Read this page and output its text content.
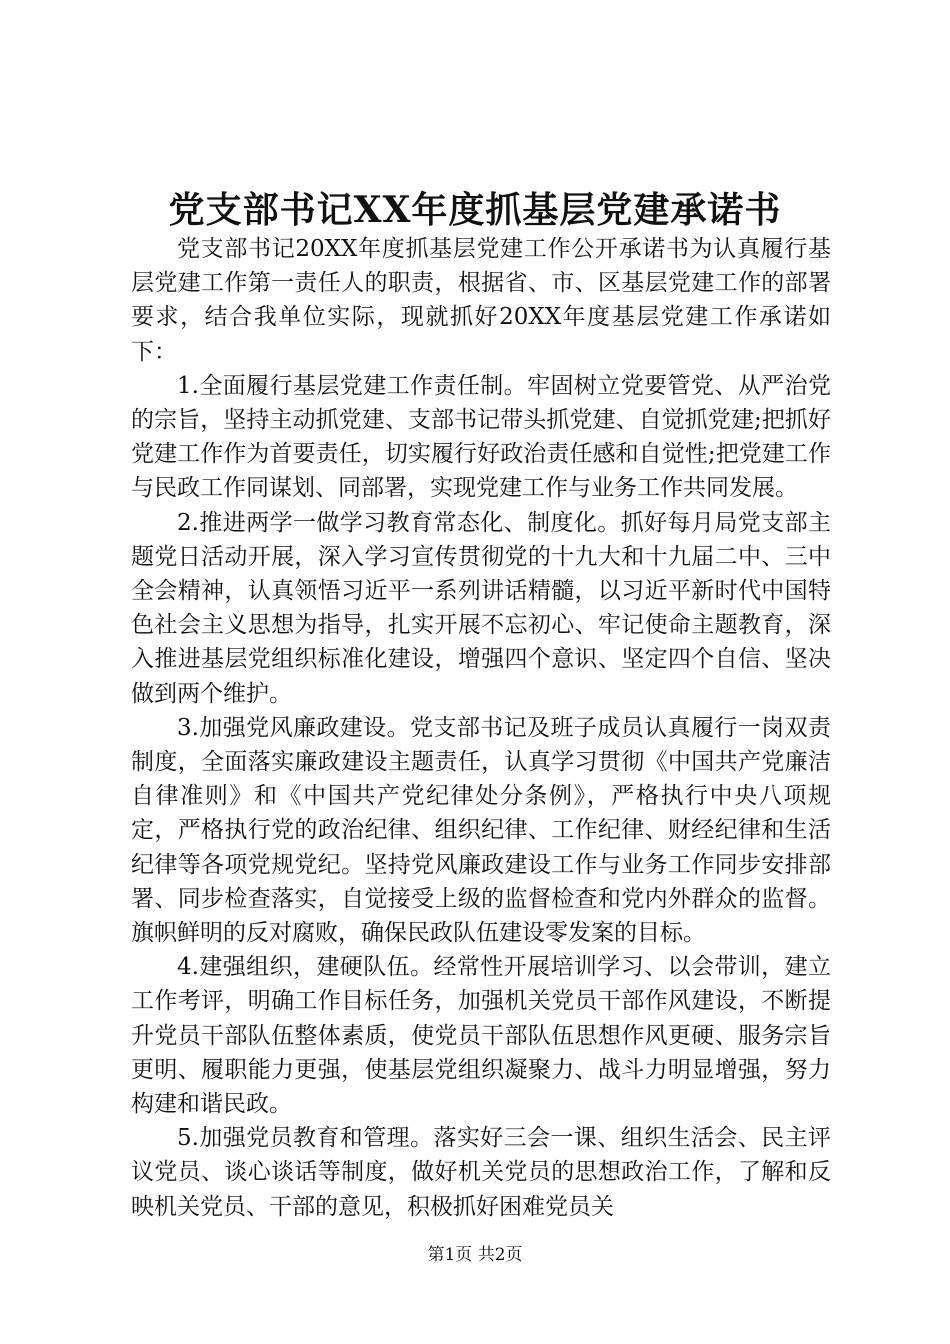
党支部书记XX年度抓基层党建承诺书

党支部书记20XX年度抓基层党建工作公开承诺书为认真履行基层党建工作第一责任人的职责，根据省、市、区基层党建工作的部署要求，结合我单位实际，现就抓好20XX年度基层党建工作承诺如下：

1.全面履行基层党建工作责任制。牢固树立党要管党、从严治党的宗旨，坚持主动抓党建、支部书记带头抓党建、自觉抓党建;把抓好党建工作作为首要责任，切实履行好政治责任感和自觉性;把党建工作与民政工作同谋划、同部署，实现党建工作与业务工作共同发展。

2.推进两学一做学习教育常态化、制度化。抓好每月局党支部主题党日活动开展，深入学习宣传贯彻党的十九大和十九届二中、三中全会精神，认真领悟习近平一系列讲话精髓，以习近平新时代中国特色社会主义思想为指导，扎实开展不忘初心、牢记使命主题教育，深入推进基层党组织标准化建设，增强四个意识、坚定四个自信、坚决做到两个维护。

3.加强党风廉政建设。党支部书记及班子成员认真履行一岗双责制度，全面落实廉政建设主题责任，认真学习贯彻《中国共产党廉洁自律准则》和《中国共产党纪律处分条例》，严格执行中央八项规定，严格执行党的政治纪律、组织纪律、工作纪律、财经纪律和生活纪律等各项党规党纪。坚持党风廉政建设工作与业务工作同步安排部署、同步检查落实，自觉接受上级的监督检查和党内外群众的监督。旗帜鲜明的反对腐败，确保民政队伍建设零发案的目标。

4.建强组织，建硬队伍。经常性开展培训学习、以会带训，建立工作考评，明确工作目标任务，加强机关党员干部作风建设，不断提升党员干部队伍整体素质，使党员干部队伍思想作风更硬、服务宗旨更明、履职能力更强，使基层党组织凝聚力、战斗力明显增强，努力构建和谐民政。

5.加强党员教育和管理。落实好三会一课、组织生活会、民主评议党员、谈心谈话等制度，做好机关党员的思想政治工作，了解和反映机关党员、干部的意见，积极抓好困难党员关

第1页 共2页
